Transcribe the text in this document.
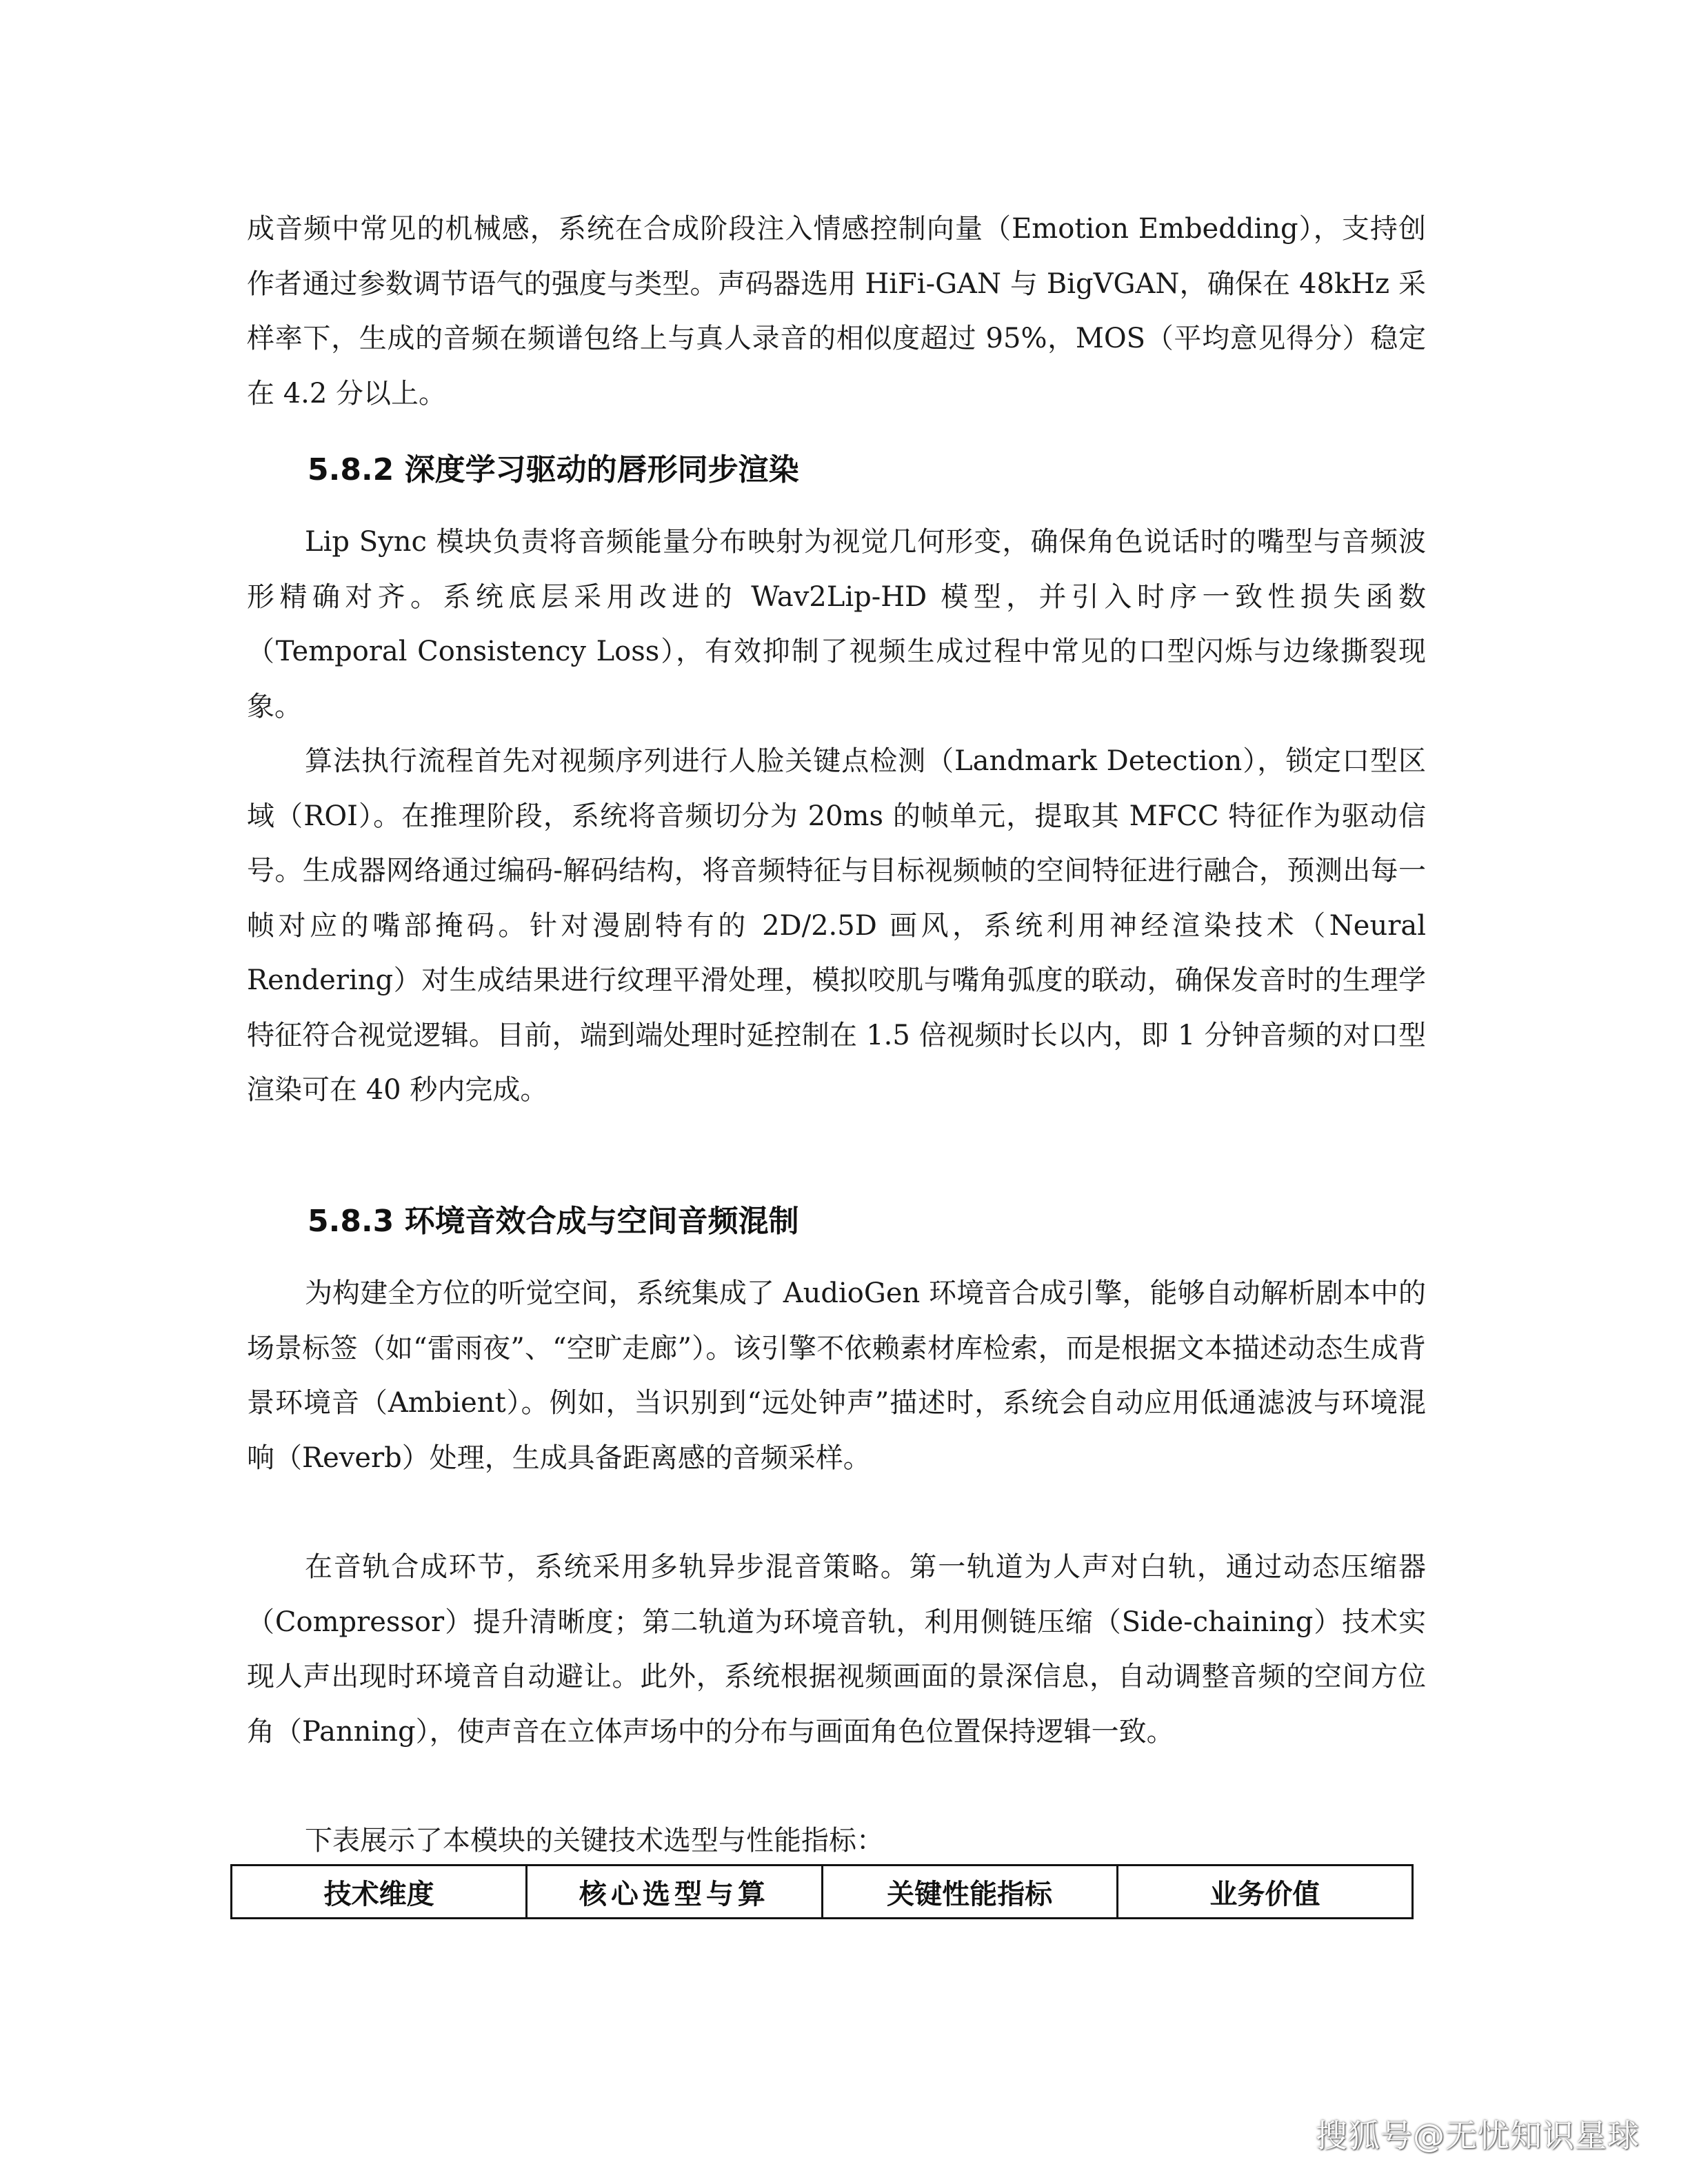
成音频中常见的机械感，系统在合成阶段注入情感控制向量（Emotion Embedding），支持创作者通过参数调节语气的强度与类型。声码器选用 HiFi-GAN 与 BigVGAN，确保在 48kHz 采样率下，生成的音频在频谱包络上与真人录音的相似度超过 95%，MOS（平均意见得分）稳定在 4.2 分以上。

5.8.2 深度学习驱动的唇形同步渲染

Lip Sync 模块负责将音频能量分布映射为视觉几何形变，确保角色说话时的嘴型与音频波形精确对齐。系统底层采用改进的 Wav2Lip-HD 模型，并引入时序一致性损失函数（Temporal Consistency Loss），有效抑制了视频生成过程中常见的口型闪烁与边缘撕裂现象。

算法执行流程首先对视频序列进行人脸关键点检测（Landmark Detection），锁定口型区域（ROI）。在推理阶段，系统将音频切分为 20ms 的帧单元，提取其 MFCC 特征作为驱动信号。生成器网络通过编码-解码结构，将音频特征与目标视频帧的空间特征进行融合，预测出每一帧对应的嘴部掩码。针对漫剧特有的 2D/2.5D 画风，系统利用神经渲染技术（Neural Rendering）对生成结果进行纹理平滑处理，模拟咬肌与嘴角弧度的联动，确保发音时的生理学特征符合视觉逻辑。目前，端到端处理时延控制在 1.5 倍视频时长以内，即 1 分钟音频的对口型渲染可在 40 秒内完成。

5.8.3 环境音效合成与空间音频混制

为构建全方位的听觉空间，系统集成了 AudioGen 环境音合成引擎，能够自动解析剧本中的场景标签（如“雷雨夜”、“空旷走廊”）。该引擎不依赖素材库检索，而是根据文本描述动态生成背景环境音（Ambient）。例如，当识别到“远处钟声”描述时，系统会自动应用低通滤波与环境混响（Reverb）处理，生成具备距离感的音频采样。

在音轨合成环节，系统采用多轨异步混音策略。第一轨道为人声对白轨，通过动态压缩器（Compressor）提升清晰度；第二轨道为环境音轨，利用侧链压缩（Side-chaining）技术实现人声出现时环境音自动避让。此外，系统根据视频画面的景深信息，自动调整音频的空间方位角（Panning），使声音在立体声场中的分布与画面角色位置保持逻辑一致。

下表展示了本模块的关键技术选型与性能指标：

技术维度	核心选型与算	关键性能指标	业务价值
搜狐号@无忧知识星球
